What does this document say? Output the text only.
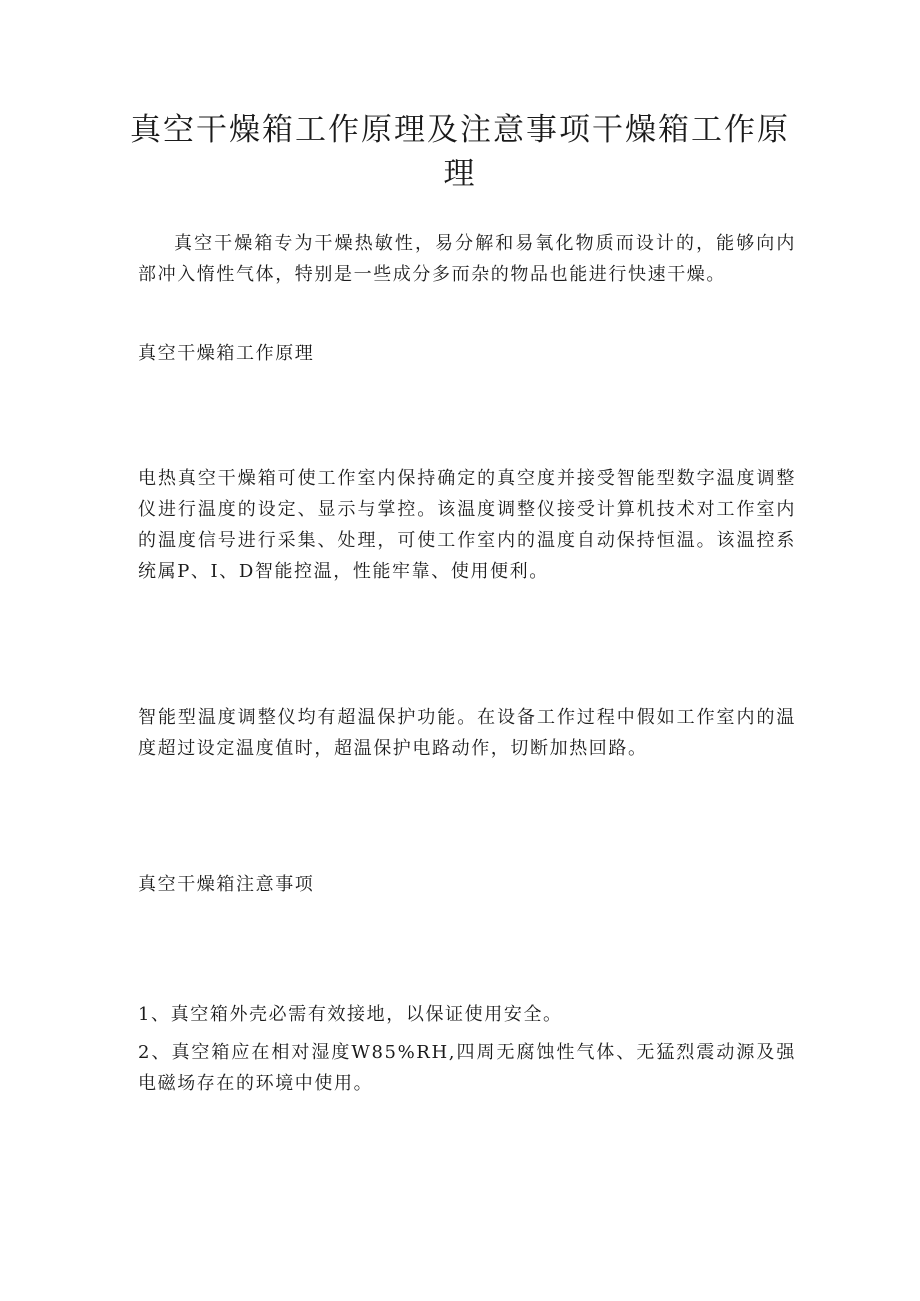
真空干燥箱工作原理及注意事项干燥箱工作原理

真空干燥箱专为干燥热敏性，易分解和易氧化物质而设计的，能够向内部冲入惰性气体，特别是一些成分多而杂的物品也能进行快速干燥。

真空干燥箱工作原理

电热真空干燥箱可使工作室内保持确定的真空度并接受智能型数字温度调整仪进行温度的设定、显示与掌控。该温度调整仪接受计算机技术对工作室内的温度信号进行采集、处理，可使工作室内的温度自动保持恒温。该温控系统属P、I、D智能控温，性能牢靠、使用便利。

智能型温度调整仪均有超温保护功能。在设备工作过程中假如工作室内的温度超过设定温度值时，超温保护电路动作，切断加热回路。

真空干燥箱注意事项

1、真空箱外壳必需有效接地，以保证使用安全。

2、真空箱应在相对湿度W85%RH,四周无腐蚀性气体、无猛烈震动源及强电磁场存在的环境中使用。
